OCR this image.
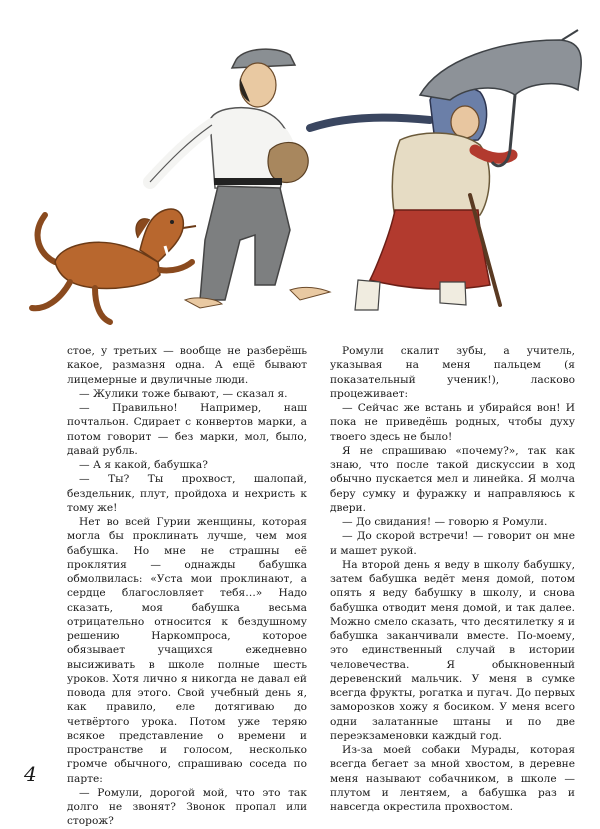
стое, у третьих — вообще не разберёшь какое, размазня одна. А ещё бывают лицемерные и двуличные люди.

— Жулики тоже бывают, — сказал я.

— Правильно! Например, наш почтальон. Сдирает с конвертов марки, а потом говорит — без марки, мол, было, давай рубль.

— А я какой, бабушка?

— Ты? Ты прохвост, шалопай, бездельник, плут, пройдоха и нехристь к тому же!

Нет во всей Гурии женщины, которая могла бы проклинать лучше, чем моя бабушка. Но мне не страшны её проклятия — однажды бабушка обмолвилась: «Уста мои проклинают, а сердце благословляет тебя…» Надо сказать, моя бабушка весьма отрицательно относится к бездушному решению Наркомпроса, которое обязывает учащихся ежедневно высиживать в школе полные шесть уроков. Хотя лично я никогда не давал ей повода для этого. Свой учебный день я, как правило, еле дотягиваю до четвёртого урока. Потом уже теряю всякое представление о времени и пространстве и голосом, несколько громче обычного, спрашиваю соседа по парте:

— Ромули, дорогой мой, что это так долго не звонят? Звонок пропал или сторож?

Ромули скалит зубы, а учитель, указывая на меня пальцем (я показательный ученик!), ласково процеживает:

— Сейчас же встань и убирайся вон! И пока не приведёшь родных, чтобы духу твоего здесь не было!

Я не спрашиваю «почему?», так как знаю, что после такой дискуссии в ход обычно пускается мел и линейка. Я молча беру сумку и фуражку и направляюсь к двери.

— До свидания! — говорю я Ромули.

— До скорой встречи! — говорит он мне и машет рукой.

На второй день я веду в школу бабушку, затем бабушка ведёт меня домой, потом опять я веду бабушку в школу, и снова бабушка отводит меня домой, и так далее. Можно смело сказать, что десятилетку я и бабушка заканчивали вместе. По-моему, это единственный случай в истории человечества. Я обыкновенный деревенский мальчик. У меня в сумке всегда фрукты, рогатка и пугач. До первых заморозков хожу я босиком. У меня всего одни залатанные штаны и по две переэкзаменовки каждый год.

Из-за моей собаки Мурады, которая всегда бегает за мной хвостом, в деревне меня называют собачником, в школе — плутом и лентяем, а бабушка раз и навсегда окрестила прохвостом.

4
